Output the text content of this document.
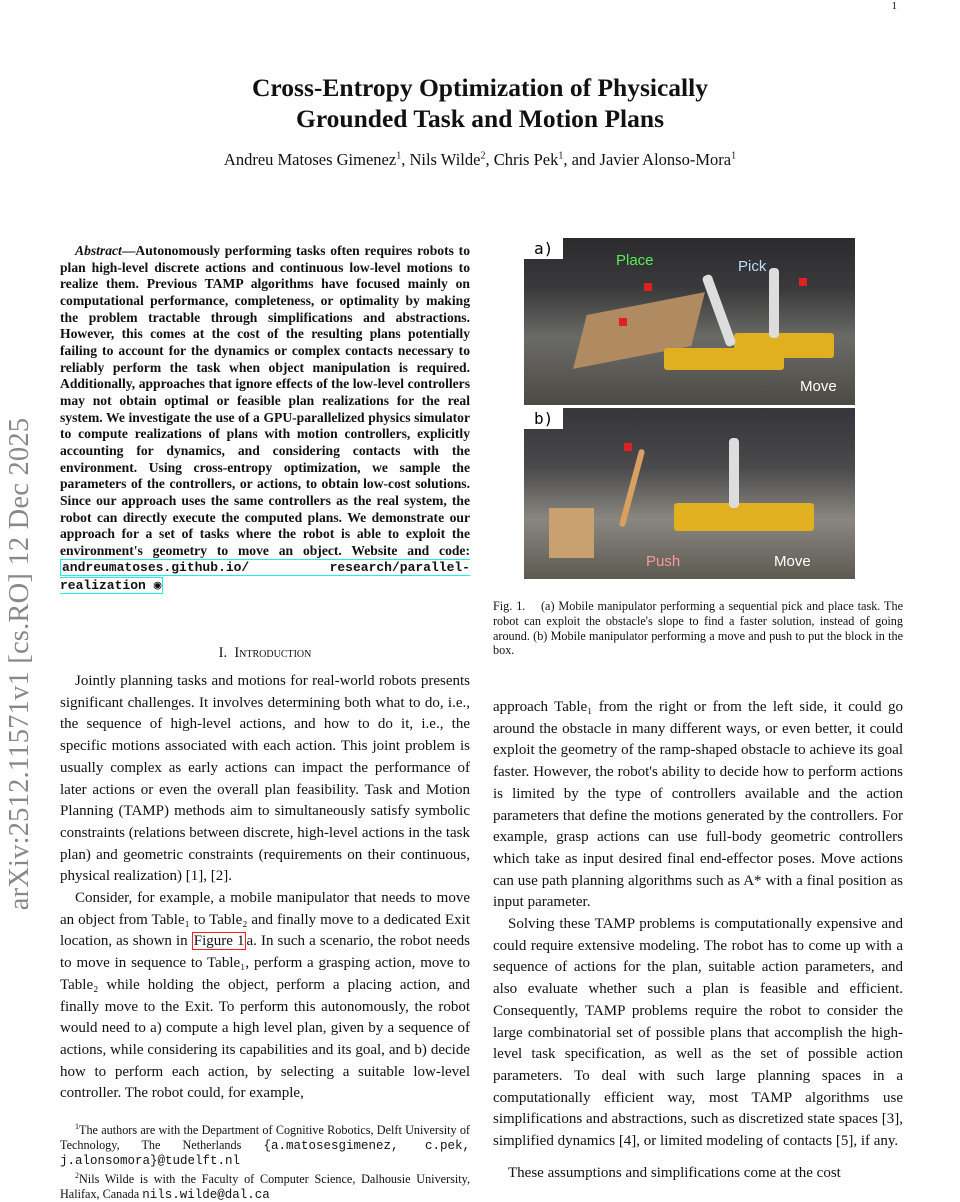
1
arXiv:2512.11571v1 [cs.RO] 12 Dec 2025
Cross-Entropy Optimization of Physically
Grounded Task and Motion Plans
Andreu Matoses Gimenez$^1$, Nils Wilde$^2$, Chris Pek$^1$, and Javier Alonso-Mora$^1$
Abstract—Autonomously performing tasks often requires robots to plan high-level discrete actions and continuous low-level motions to realize them. Previous TAMP algorithms have focused mainly on computational performance, completeness, or optimality by making the problem tractable through simplifications and abstractions. However, this comes at the cost of the resulting plans potentially failing to account for the dynamics or complex contacts necessary to reliably perform the task when object manipulation is required. Additionally, approaches that ignore effects of the low-level controllers may not obtain optimal or feasible plan realizations for the real system. We investigate the use of a GPU-parallelized physics simulator to compute realizations of plans with motion controllers, explicitly accounting for dynamics, and considering contacts with the environment. Using cross-entropy optimization, we sample the parameters of the controllers, or actions, to obtain low-cost solutions. Since our approach uses the same controllers as the real system, the robot can directly execute the computed plans. We demonstrate our approach for a set of tasks where the robot is able to exploit the environment's geometry to move an object. Website and code: andreumatoses.github.io/ research/parallel-realization ◉
I. Introduction

Jointly planning tasks and motions for real-world robots presents significant challenges. It involves determining both what to do, i.e., the sequence of high-level actions, and how to do it, i.e., the specific motions associated with each action. This joint problem is usually complex as early actions can impact the performance of later actions or even the overall plan feasibility. Task and Motion Planning (TAMP) methods aim to simultaneously satisfy symbolic constraints (relations between discrete, high-level actions in the task plan) and geometric constraints (requirements on their continuous, physical realization) [1], [2].

Consider, for example, a mobile manipulator that needs to move an object from Table₁ to Table₂ and finally move to a dedicated Exit location, as shown in Figure 1 a. In such a scenario, the robot needs to move in sequence to Table₁, perform a grasping action, move to Table₂ while holding the object, perform a placing action, and finally move to the Exit. To perform this autonomously, the robot would need to a) compute a high level plan, given by a sequence of actions, while considering its capabilities and its goal, and b) decide how to perform each action, by selecting a suitable low-level controller. The robot could, for example,

$^1$The authors are with the Department of Cognitive Robotics, Delft University of Technology, The Netherlands {a.matosesgimenez, c.pek, j.alonsomora}@tudelft.nl

$^2$Nils Wilde is with the Faculty of Computer Science, Dalhousie University, Halifax, Canada nils.wilde@dal.ca

a)
Place	Pick
Move
b)
Push	Move
Fig. 1.    (a) Mobile manipulator performing a sequential pick and place task. The robot can exploit the obstacle's slope to find a faster solution, instead of going around. (b) Mobile manipulator performing a move and push to put the block in the box.

approach Table₁ from the right or from the left side, it could go around the obstacle in many different ways, or even better, it could exploit the geometry of the ramp-shaped obstacle to achieve its goal faster. However, the robot's ability to decide how to perform actions is limited by the type of controllers available and the action parameters that define the motions generated by the controllers. For example, grasp actions can use full-body geometric controllers which take as input desired final end-effector poses. Move actions can use path planning algorithms such as A* with a final position as input parameter.

Solving these TAMP problems is computationally expensive and could require extensive modeling. The robot has to come up with a sequence of actions for the plan, suitable action parameters, and also evaluate whether such a plan is feasible and efficient. Consequently, TAMP problems require the robot to consider the large combinatorial set of possible plans that accomplish the high-level task specification, as well as the set of possible action parameters. To deal with such large planning spaces in a computationally efficient way, most TAMP algorithms use simplifications and abstractions, such as discretized state spaces [3], simplified dynamics [4], or limited modeling of contacts [5], if any.

These assumptions and simplifications come at the cost
